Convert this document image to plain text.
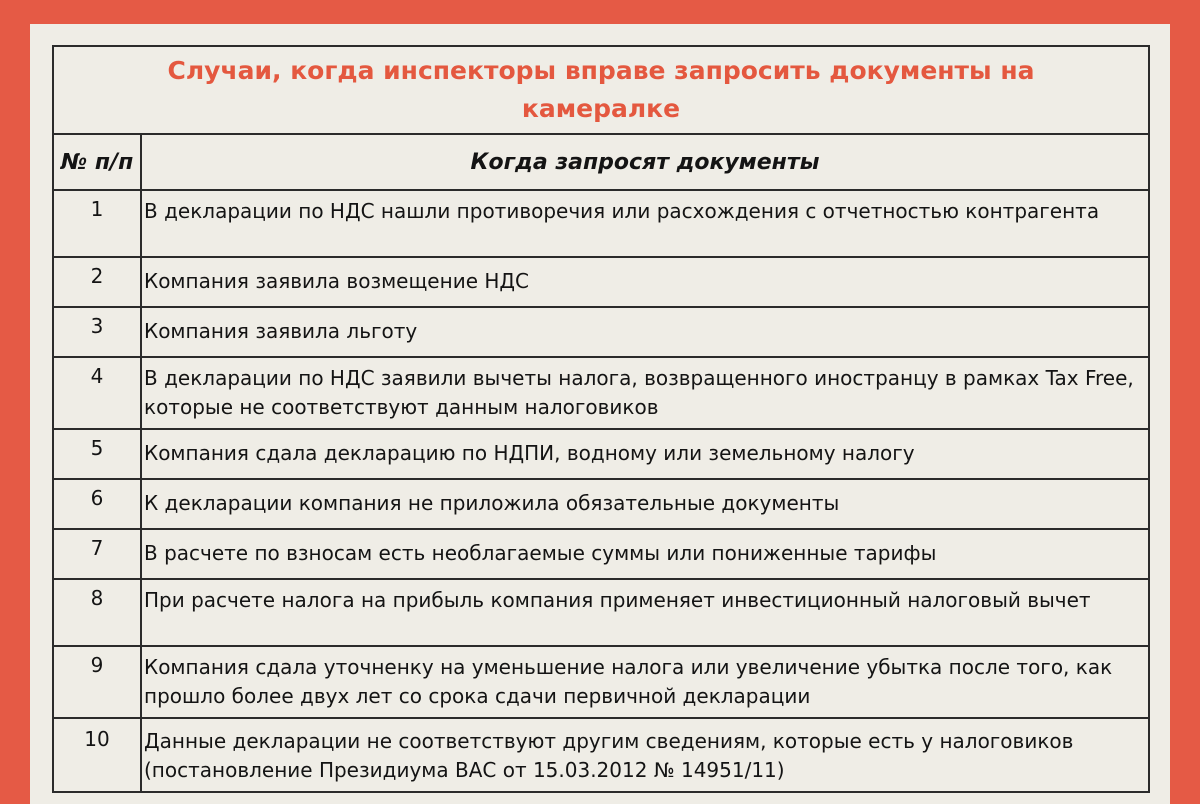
Случаи, когда инспекторы вправе запросить документы на камералке	
№ п/п	Когда запросят документы
1	В декларации по НДС нашли противоречия или расхождения с отчетностью контрагента
2	Компания заявила возмещение НДС
3	Компания заявила льготу
4	В декларации по НДС заявили вычеты налога, возвращенного иностранцу в рамках Tax Free, которые не соответствуют данным налоговиков
5	Компания сдала декларацию по НДПИ, водному или земельному налогу
6	К декларации компания не приложила обязательные документы
7	В расчете по взносам есть необлагаемые суммы или пониженные тарифы
8	При расчете налога на прибыль компания применяет инвестиционный налоговый вычет
9	Компания сдала уточненку на уменьшение налога или увеличение убытка после того, как прошло более двух лет со срока сдачи первичной декларации
10	Данные декларации не соответствуют другим сведениям, которые есть у налоговиков (постановление Президиума ВАС от 15.03.2012 № 14951/11)
